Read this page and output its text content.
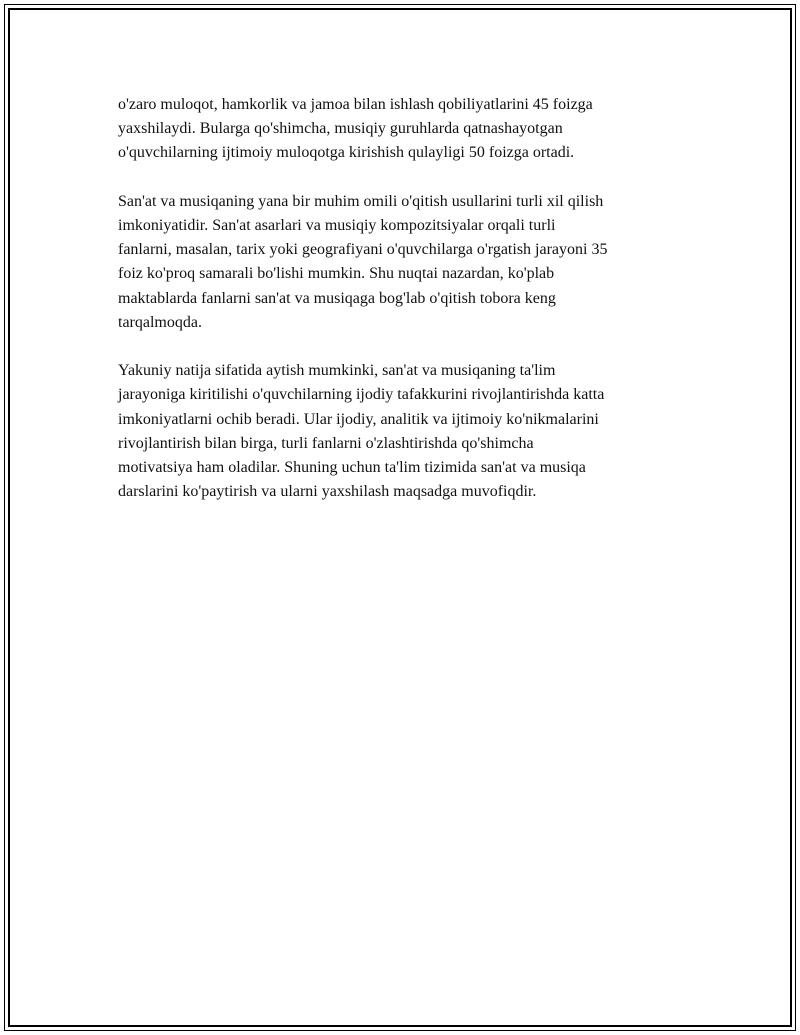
o'zaro muloqot, hamkorlik va jamoa bilan ishlash qobiliyatlarini 45 foizga
yaxshilaydi. Bularga qo'shimcha, musiqiy guruhlarda qatnashayotgan
o'quvchilarning ijtimoiy muloqotga kirishish qulayligi 50 foizga ortadi.

San'at va musiqaning yana bir muhim omili o'qitish usullarini turli xil qilish
imkoniyatidir. San'at asarlari va musiqiy kompozitsiyalar orqali turli
fanlarni, masalan, tarix yoki geografiyani o'quvchilarga o'rgatish jarayoni 35
foiz ko'proq samarali bo'lishi mumkin. Shu nuqtai nazardan, ko'plab
maktablarda fanlarni san'at va musiqaga bog'lab o'qitish tobora keng
tarqalmoqda.

Yakuniy natija sifatida aytish mumkinki, san'at va musiqaning ta'lim
jarayoniga kiritilishi o'quvchilarning ijodiy tafakkurini rivojlantirishda katta
imkoniyatlarni ochib beradi. Ular ijodiy, analitik va ijtimoiy ko'nikmalarini
rivojlantirish bilan birga, turli fanlarni o'zlashtirishda qo'shimcha
motivatsiya ham oladilar. Shuning uchun ta'lim tizimida san'at va musiqa
darslarini ko'paytirish va ularni yaxshilash maqsadga muvofiqdir.
